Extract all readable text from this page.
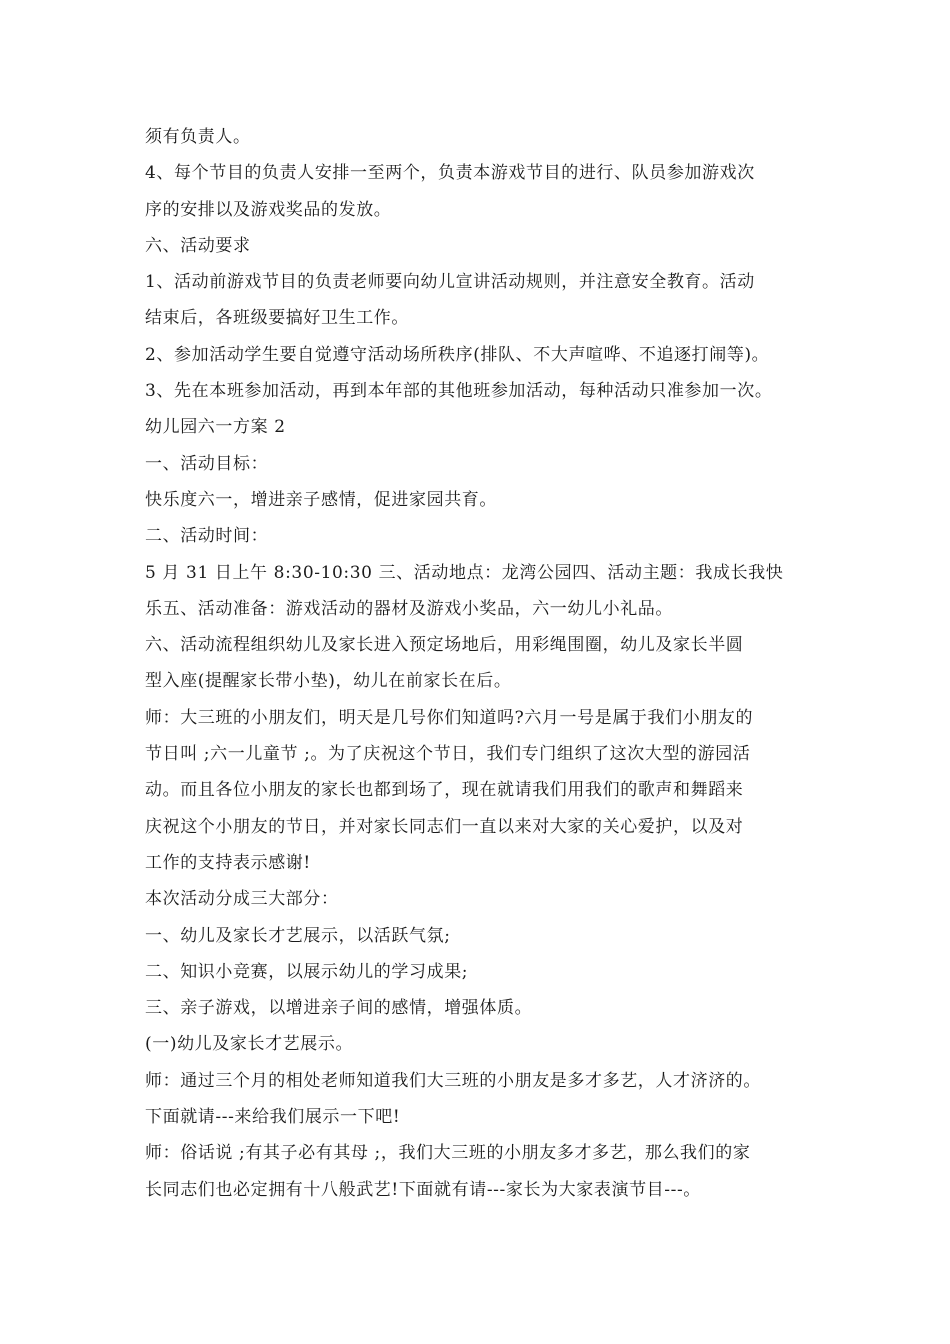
须有负责人。
4、每个节目的负责人安排一至两个，负责本游戏节目的进行、队员参加游戏次
序的安排以及游戏奖品的发放。
六、活动要求
1、活动前游戏节目的负责老师要向幼儿宣讲活动规则，并注意安全教育。活动
结束后，各班级要搞好卫生工作。
2、参加活动学生要自觉遵守活动场所秩序(排队、不大声喧哗、不追逐打闹等)。
3、先在本班参加活动，再到本年部的其他班参加活动，每种活动只准参加一次。
幼儿园六一方案 2
一、活动目标：
快乐度六一，增进亲子感情，促进家园共育。
二、活动时间：
5 月 31 日上午 8:30-10:30 三、活动地点：龙湾公园四、活动主题：我成长我快
乐五、活动准备：游戏活动的器材及游戏小奖品，六一幼儿小礼品。
六、活动流程组织幼儿及家长进入预定场地后，用彩绳围圈，幼儿及家长半圆
型入座(提醒家长带小垫)，幼儿在前家长在后。
师：大三班的小朋友们，明天是几号你们知道吗?六月一号是属于我们小朋友的
节日叫 ;六一儿童节 ;。为了庆祝这个节日，我们专门组织了这次大型的游园活
动。而且各位小朋友的家长也都到场了，现在就请我们用我们的歌声和舞蹈来
庆祝这个小朋友的节日，并对家长同志们一直以来对大家的关心爱护，以及对
工作的支持表示感谢!
本次活动分成三大部分：
一、幼儿及家长才艺展示，以活跃气氛;
二、知识小竞赛，以展示幼儿的学习成果;
三、亲子游戏，以增进亲子间的感情，增强体质。
(一)幼儿及家长才艺展示。
师：通过三个月的相处老师知道我们大三班的小朋友是多才多艺，人才济济的。
下面就请---来给我们展示一下吧!
师：俗话说 ;有其子必有其母 ;，我们大三班的小朋友多才多艺，那么我们的家
长同志们也必定拥有十八般武艺!下面就有请---家长为大家表演节目---。
